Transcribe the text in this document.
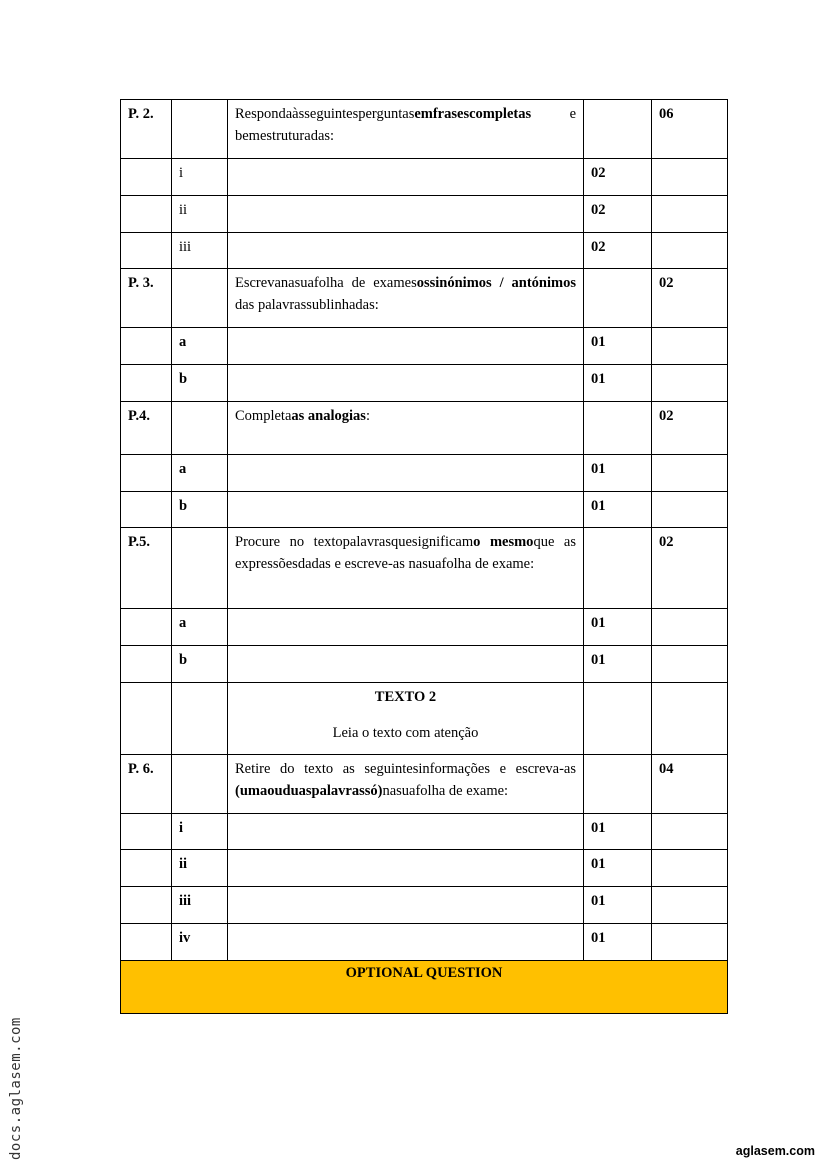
P. 2.		Respondaàsseguintesperguntasemfrasescompletas e bemestruturadas:		06
	i		02	
	ii		02	
	iii		02	
P. 3.		Escrevanasuafolha de examesossinónimos / antónimos das palavrassublinhadas:		02
	a		01	
	b		01	
P.4.		Completaas analogias:		02
	a		01	
	b		01	
P.5.		Procure no textopalavrasquesignificamo mesmoque as expressõesdadas e escreve-as nasuafolha de exame:		02
	a		01	
	b		01	

		TEXTO 2
Leia o texto com atenção		

P. 6.		Retire do texto as seguintesinformações e escreva-as (umaouduaspalavrassó)nasuafolha de exame:		04
	i		01	
	ii		01	
	iii		01	
	iv		01	
OPTIONAL QUESTION				
docs.aglasem.com	aglasem.com
